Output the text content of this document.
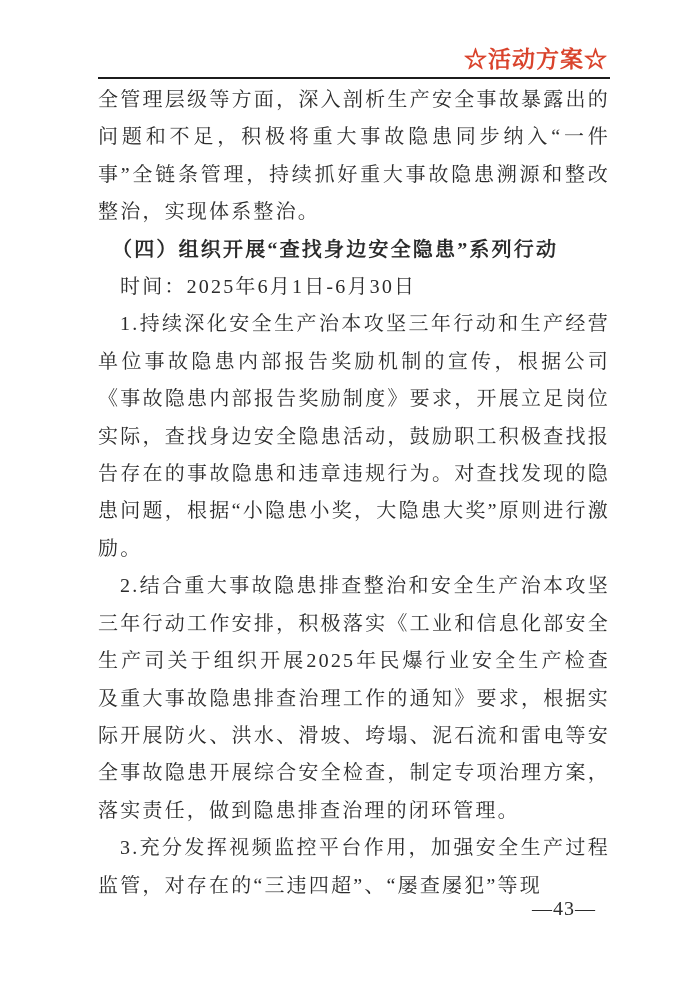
☆活动方案☆

全管理层级等方面，深入剖析生产安全事故暴露出的问题和不足，积极将重大事故隐患同步纳入“一件事”全链条管理，持续抓好重大事故隐患溯源和整改整治，实现体系整治。

（四）组织开展“查找身边安全隐患”系列行动

时间：2025年6月1日-6月30日

1.持续深化安全生产治本攻坚三年行动和生产经营单位事故隐患内部报告奖励机制的宣传，根据公司《事故隐患内部报告奖励制度》要求，开展立足岗位实际，查找身边安全隐患活动，鼓励职工积极查找报告存在的事故隐患和违章违规行为。对查找发现的隐患问题，根据“小隐患小奖，大隐患大奖”原则进行激励。

2.结合重大事故隐患排查整治和安全生产治本攻坚三年行动工作安排，积极落实《工业和信息化部安全生产司关于组织开展2025年民爆行业安全生产检查及重大事故隐患排查治理工作的通知》要求，根据实际开展防火、洪水、滑坡、垮塌、泥石流和雷电等安全事故隐患开展综合安全检查，制定专项治理方案，落实责任，做到隐患排查治理的闭环管理。

3.充分发挥视频监控平台作用，加强安全生产过程监管，对存在的“三违四超”、“屡查屡犯”等现

—43—
